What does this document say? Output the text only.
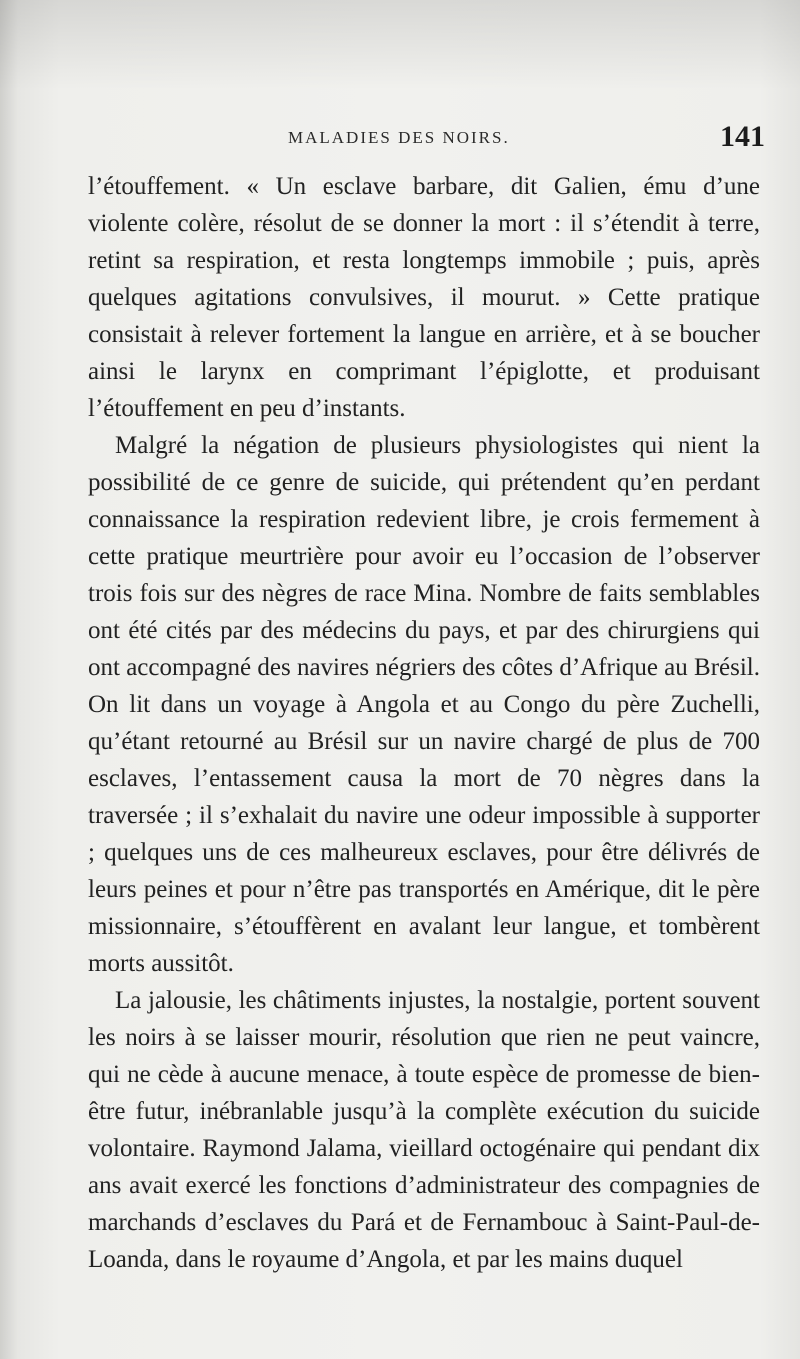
MALADIES DES NOIRS.	141

l’étouffement. « Un esclave barbare, dit Galien, ému d’une violente colère, résolut de se donner la mort : il s’étendit à terre, retint sa respiration, et resta longtemps immobile ; puis, après quelques agitations convulsives, il mourut. » Cette pratique consistait à relever fortement la langue en arrière, et à se boucher ainsi le larynx en comprimant l’épiglotte, et produisant l’étouffement en peu d’instants.

Malgré la négation de plusieurs physiologistes qui nient la possibilité de ce genre de suicide, qui prétendent qu’en perdant connaissance la respiration redevient libre, je crois fermement à cette pratique meurtrière pour avoir eu l’occasion de l’observer trois fois sur des nègres de race Mina. Nombre de faits semblables ont été cités par des médecins du pays, et par des chirurgiens qui ont accompagné des navires négriers des côtes d’Afrique au Brésil. On lit dans un voyage à Angola et au Congo du père Zuchelli, qu’étant retourné au Brésil sur un navire chargé de plus de 700 esclaves, l’entassement causa la mort de 70 nègres dans la traversée ; il s’exhalait du navire une odeur impossible à supporter ; quelques uns de ces malheureux esclaves, pour être délivrés de leurs peines et pour n’être pas transportés en Amérique, dit le père missionnaire, s’étouffèrent en avalant leur langue, et tombèrent morts aussitôt.

La jalousie, les châtiments injustes, la nostalgie, portent souvent les noirs à se laisser mourir, résolution que rien ne peut vaincre, qui ne cède à aucune menace, à toute espèce de promesse de bien-être futur, inébranlable jusqu’à la complète exécution du suicide volontaire. Raymond Jalama, vieillard octogénaire qui pendant dix ans avait exercé les fonctions d’administrateur des compagnies de marchands d’esclaves du Pará et de Fernambouc à Saint-Paul-de-Loanda, dans le royaume d’Angola, et par les mains duquel
